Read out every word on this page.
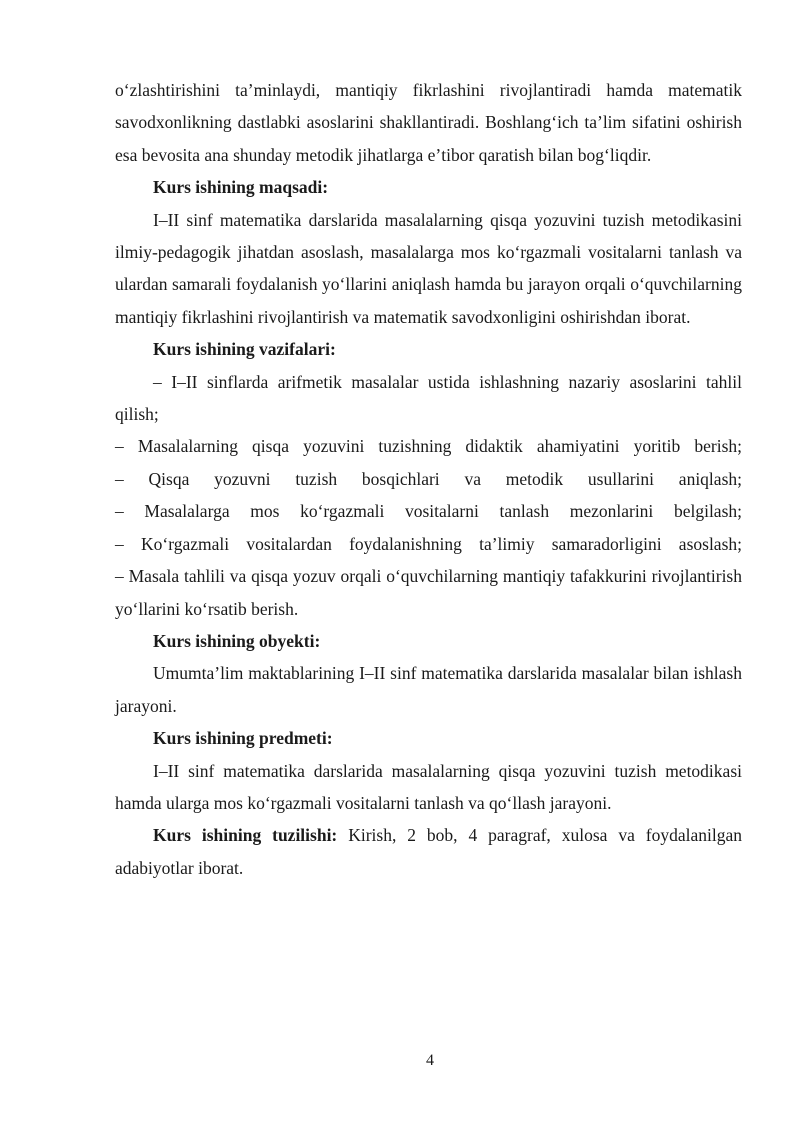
oʻzlashtirishini taʼminlaydi, mantiqiy fikrlashini rivojlantiradi hamda matematik savodxonlikning dastlabki asoslarini shakllantiradi. Boshlangʻich taʼlim sifatini oshirish esa bevosita ana shunday metodik jihatlarga eʼtibor qaratish bilan bogʻliqdir.

Kurs ishining maqsadi:

I–II sinf matematika darslarida masalalarning qisqa yozuvini tuzish metodikasini ilmiy-pedagogik jihatdan asoslash, masalalarga mos koʻrgazmali vositalarni tanlash va ulardan samarali foydalanish yoʻllarini aniqlash hamda bu jarayon orqali oʻquvchilarning mantiqiy fikrlashini rivojlantirish va matematik savodxonligini oshirishdan iborat.

Kurs ishining vazifalari:

– I–II sinflarda arifmetik masalalar ustida ishlashning nazariy asoslarini tahlil qilish;

– Masalalarning qisqa yozuvini tuzishning didaktik ahamiyatini yoritib berish;

– Qisqa yozuvni tuzish bosqichlari va metodik usullarini aniqlash;

– Masalalarga mos koʻrgazmali vositalarni tanlash mezonlarini belgilash;

– Koʻrgazmali vositalardan foydalanishning taʼlimiy samaradorligini asoslash;

– Masala tahlili va qisqa yozuv orqali oʻquvchilarning mantiqiy tafakkurini rivojlantirish yoʻllarini koʻrsatib berish.

Kurs ishining obyekti:

Umumtaʼlim maktablarining I–II sinf matematika darslarida masalalar bilan ishlash jarayoni.

Kurs ishining predmeti:

I–II sinf matematika darslarida masalalarning qisqa yozuvini tuzish metodikasi hamda ularga mos koʻrgazmali vositalarni tanlash va qoʻllash jarayoni.

Kurs ishining tuzilishi: Kirish, 2 bob, 4 paragraf, xulosa va foydalanilgan adabiyotlar iborat.

4
